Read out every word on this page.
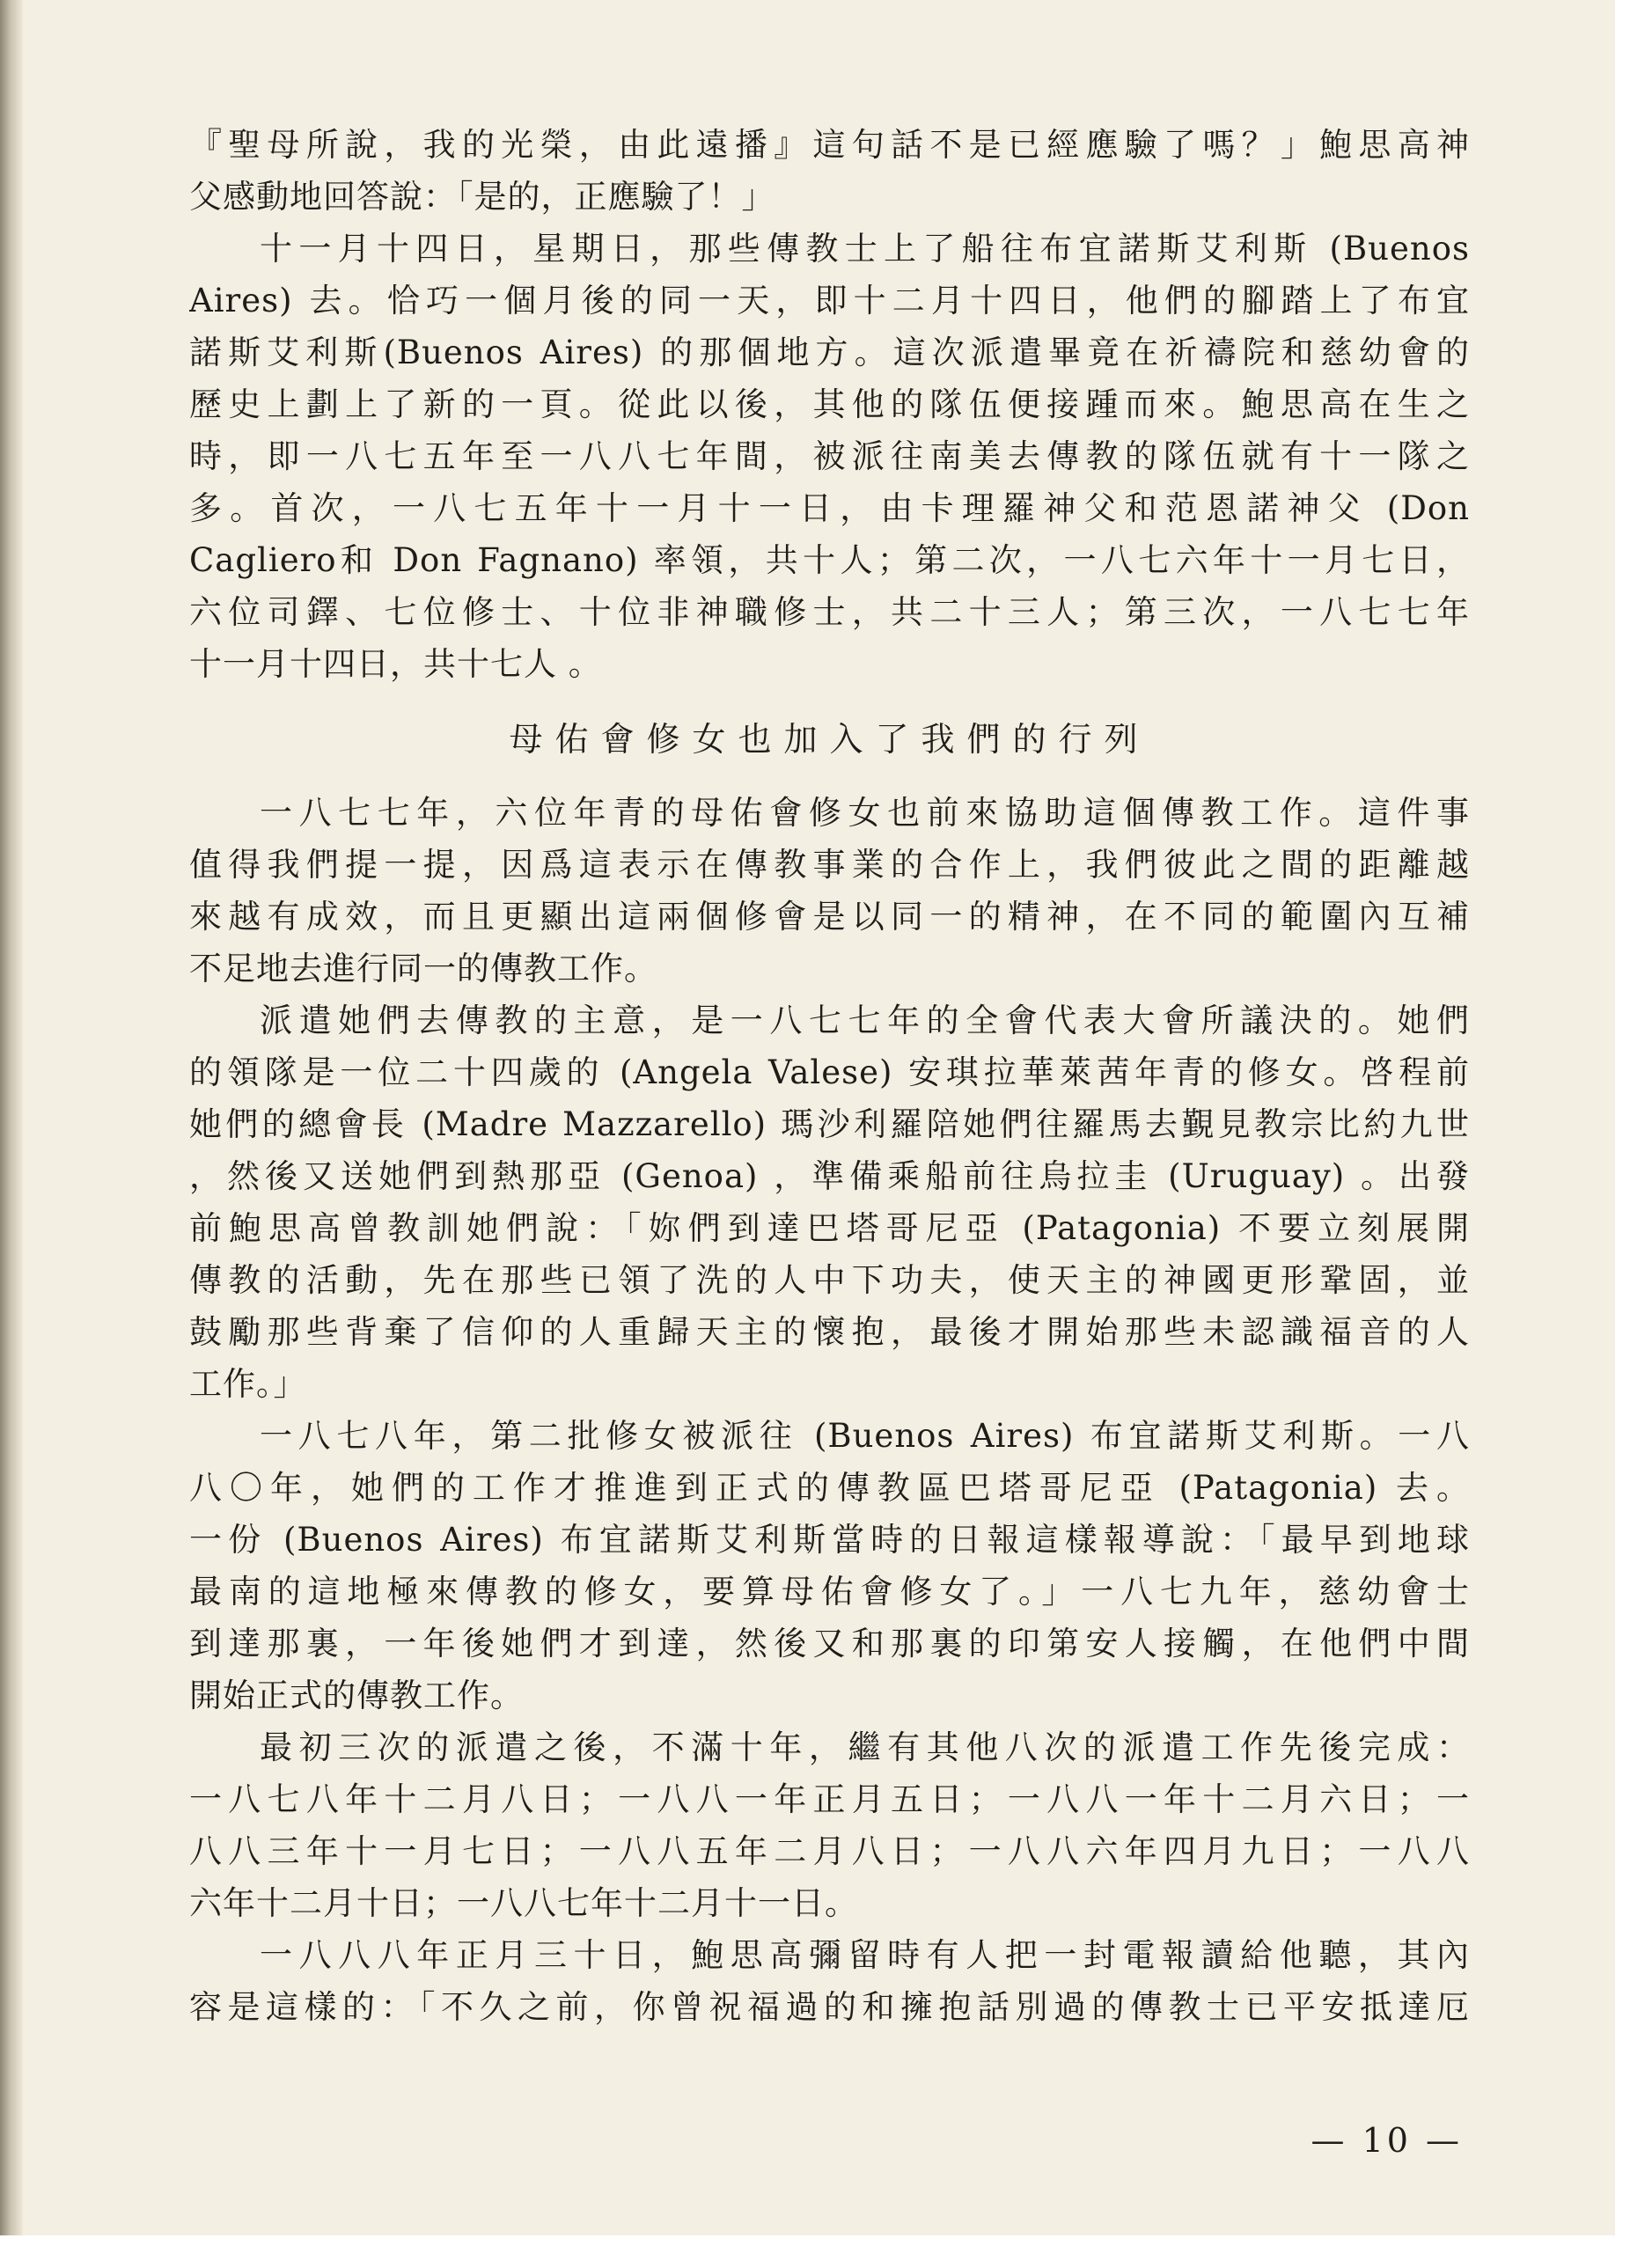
『聖母所說，我的光榮，由此遠播』這句話不是已經應驗了嗎？」鮑思高神
父感動地回答說：「是的，正應驗了！」
十一月十四日，星期日，那些傳教士上了船往布宜諾斯艾利斯 (Buenos
Aires) 去。恰巧一個月後的同一天，即十二月十四日，他們的腳踏上了布宜
諾斯艾利斯(Buenos Aires) 的那個地方。這次派遣畢竟在祈禱院和慈幼會的
歷史上劃上了新的一頁。從此以後，其他的隊伍便接踵而來。鮑思高在生之
時，即一八七五年至一八八七年間，被派往南美去傳教的隊伍就有十一隊之
多。首次，一八七五年十一月十一日，由卡理羅神父和范恩諾神父 (Don
Cagliero和 Don Fagnano) 率領，共十人；第二次，一八七六年十一月七日，
六位司鐸、七位修士、十位非神職修士，共二十三人；第三次，一八七七年
十一月十四日，共十七人 。
母佑會修女也加入了我們的行列
一八七七年，六位年青的母佑會修女也前來協助這個傳教工作。這件事
值得我們提一提，因爲這表示在傳教事業的合作上，我們彼此之間的距離越
來越有成效，而且更顯出這兩個修會是以同一的精神，在不同的範圍內互補
不足地去進行同一的傳教工作。
派遣她們去傳教的主意，是一八七七年的全會代表大會所議決的。她們
的領隊是一位二十四歲的 (Angela Valese) 安琪拉華萊茜年青的修女。啓程前
她們的總會長 (Madre Mazzarello) 瑪沙利羅陪她們往羅馬去覲見教宗比約九世
，然後又送她們到熱那亞 (Genoa) ，準備乘船前往烏拉圭 (Uruguay) 。出發
前鮑思高曾教訓她們說：「妳們到達巴塔哥尼亞 (Patagonia) 不要立刻展開
傳教的活動，先在那些已領了洗的人中下功夫，使天主的神國更形鞏固，並
鼓勵那些背棄了信仰的人重歸天主的懷抱，最後才開始那些未認識福音的人
工作。」
一八七八年，第二批修女被派往 (Buenos Aires) 布宜諾斯艾利斯。一八
八〇年，她們的工作才推進到正式的傳教區巴塔哥尼亞 (Patagonia) 去。
一份 (Buenos Aires) 布宜諾斯艾利斯當時的日報這樣報導說：「最早到地球
最南的這地極來傳教的修女，要算母佑會修女了。」一八七九年，慈幼會士
到達那裏，一年後她們才到達，然後又和那裏的印第安人接觸，在他們中間
開始正式的傳教工作。
最初三次的派遣之後，不滿十年，繼有其他八次的派遣工作先後完成：
一八七八年十二月八日；一八八一年正月五日；一八八一年十二月六日；一
八八三年十一月七日；一八八五年二月八日；一八八六年四月九日；一八八
六年十二月十日；一八八七年十二月十一日。
一八八八年正月三十日，鮑思高彌留時有人把一封電報讀給他聽，其內
容是這樣的：「不久之前，你曾祝福過的和擁抱話別過的傳教士已平安抵達厄
— 10 —
